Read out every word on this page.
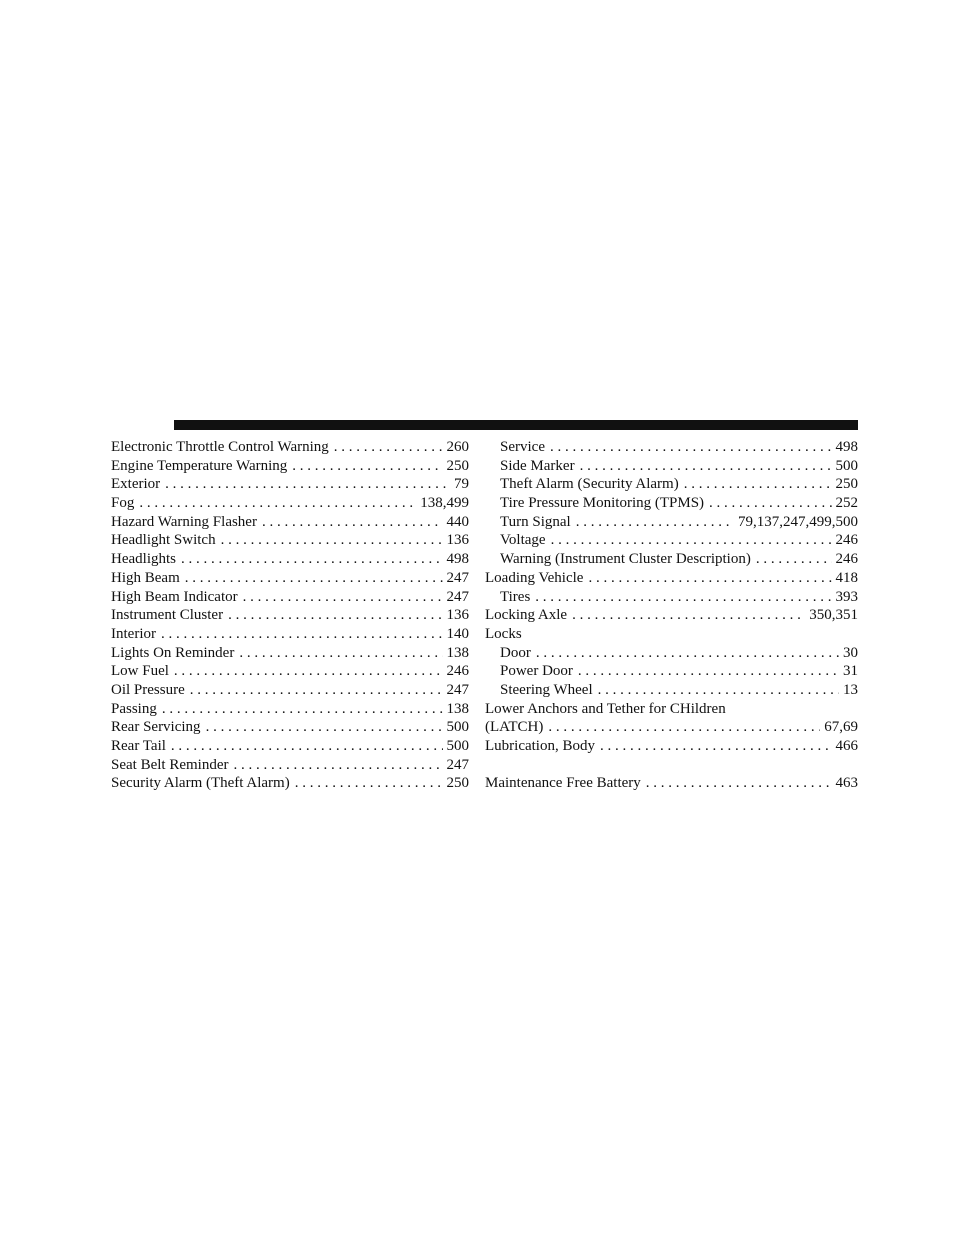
Electronic Throttle Control Warning . . .	260
Engine Temperature Warning . . .	250
Exterior . . .	79
Fog . . .	138,499
Hazard Warning Flasher . . .	440
Headlight Switch . . .	136
Headlights . . .	498
High Beam . . .	247
High Beam Indicator . . .	247
Instrument Cluster . . .	136
Interior . . .	140
Lights On Reminder . . .	138
Low Fuel . . .	246
Oil Pressure . . .	247
Passing . . .	138
Rear Servicing . . .	500
Rear Tail . . .	500
Seat Belt Reminder . . .	247
Security Alarm (Theft Alarm) . . .	250
Service . . .	498
Side Marker . . .	500
Theft Alarm (Security Alarm) . . .	250
Tire Pressure Monitoring (TPMS) . . .	252
Turn Signal . . .	79,137,247,499,500
Voltage . . .	246
Warning (Instrument Cluster Description) . . .	246
Loading Vehicle . . .	418
Tires . . .	393
Locking Axle . . .	350,351
Locks
Door . . .	30
Power Door . . .	31
Steering Wheel . . .	13
Lower Anchors and Tether for CHildren
(LATCH) . . .	67,69
Lubrication, Body . . .	466
Maintenance Free Battery . . .	463
